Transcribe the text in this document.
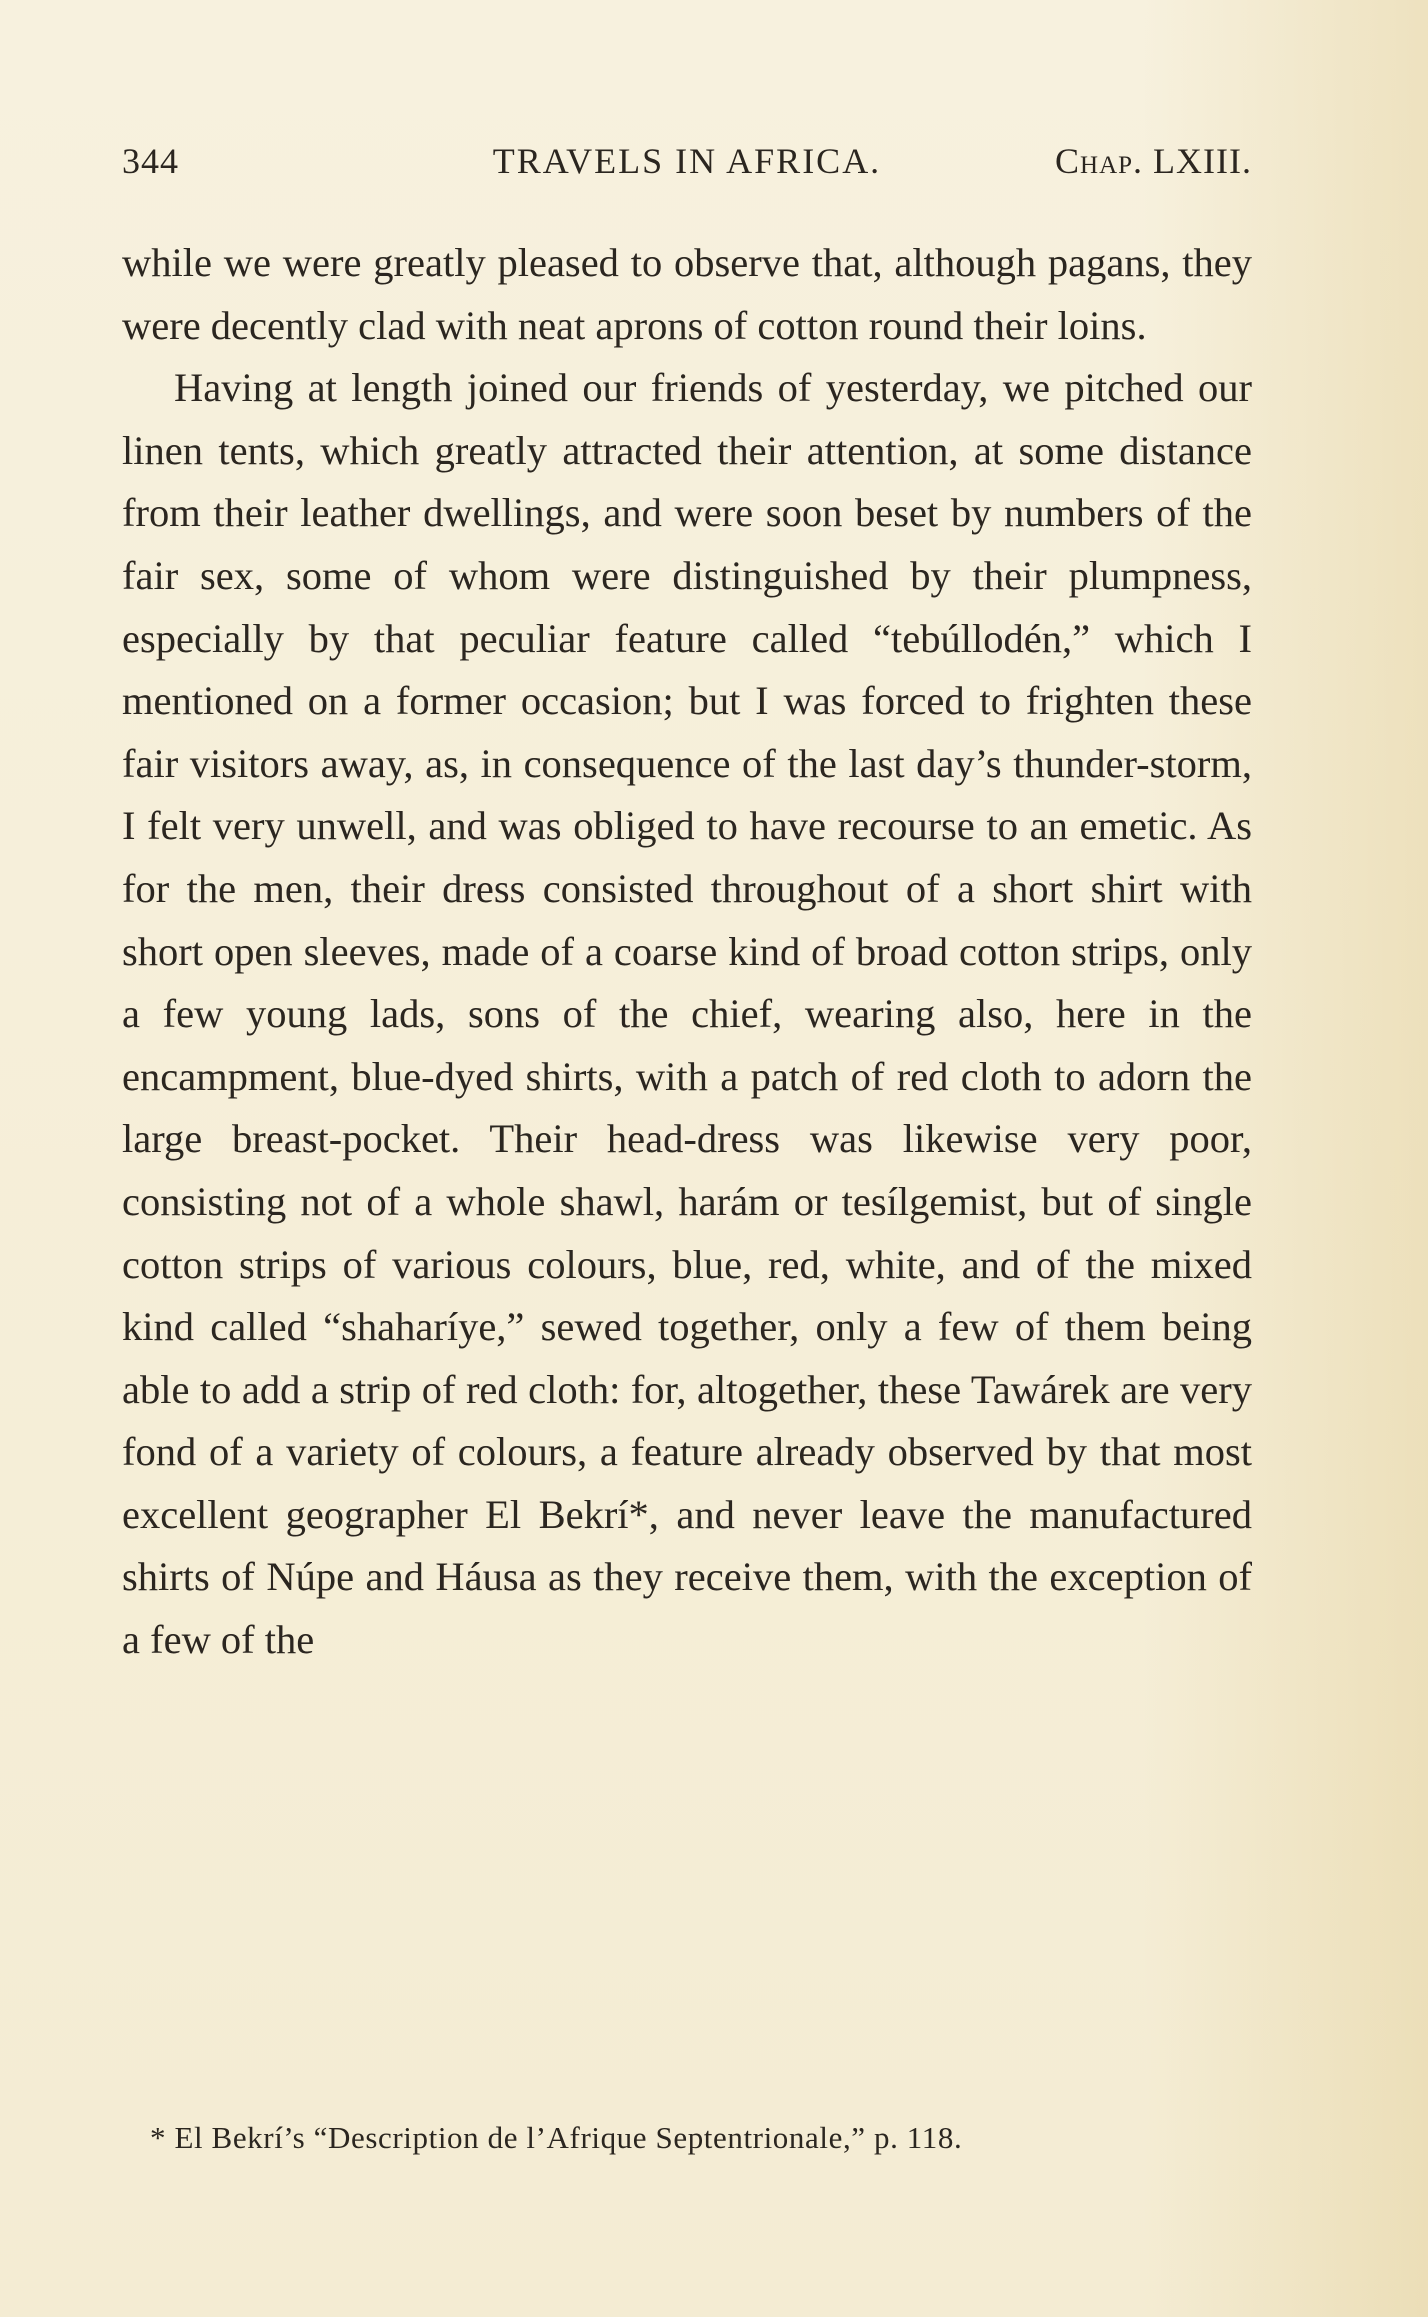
344	TRAVELS IN AFRICA.	Chap. LXIII.

while we were greatly pleased to observe that, although pagans, they were decently clad with neat aprons of cotton round their loins.

Having at length joined our friends of yesterday, we pitched our linen tents, which greatly attracted their attention, at some distance from their leather dwellings, and were soon beset by numbers of the fair sex, some of whom were distinguished by their plumpness, especially by that peculiar feature called “tebúllodén,” which I mentioned on a former occasion; but I was forced to frighten these fair visitors away, as, in consequence of the last day’s thunder-storm, I felt very unwell, and was obliged to have recourse to an emetic. As for the men, their dress consisted throughout of a short shirt with short open sleeves, made of a coarse kind of broad cotton strips, only a few young lads, sons of the chief, wearing also, here in the encampment, blue-dyed shirts, with a patch of red cloth to adorn the large breast-pocket. Their head-dress was likewise very poor, consisting not of a whole shawl, harám or tesílgemist, but of single cotton strips of various colours, blue, red, white, and of the mixed kind called “shaharíye,” sewed together, only a few of them being able to add a strip of red cloth: for, altogether, these Tawárek are very fond of a variety of colours, a feature already observed by that most excellent geographer El Bekrí*, and never leave the manufactured shirts of Núpe and Háusa as they receive them, with the exception of a few of the

* El Bekrí’s “Description de l’Afrique Septentrionale,” p. 118.
